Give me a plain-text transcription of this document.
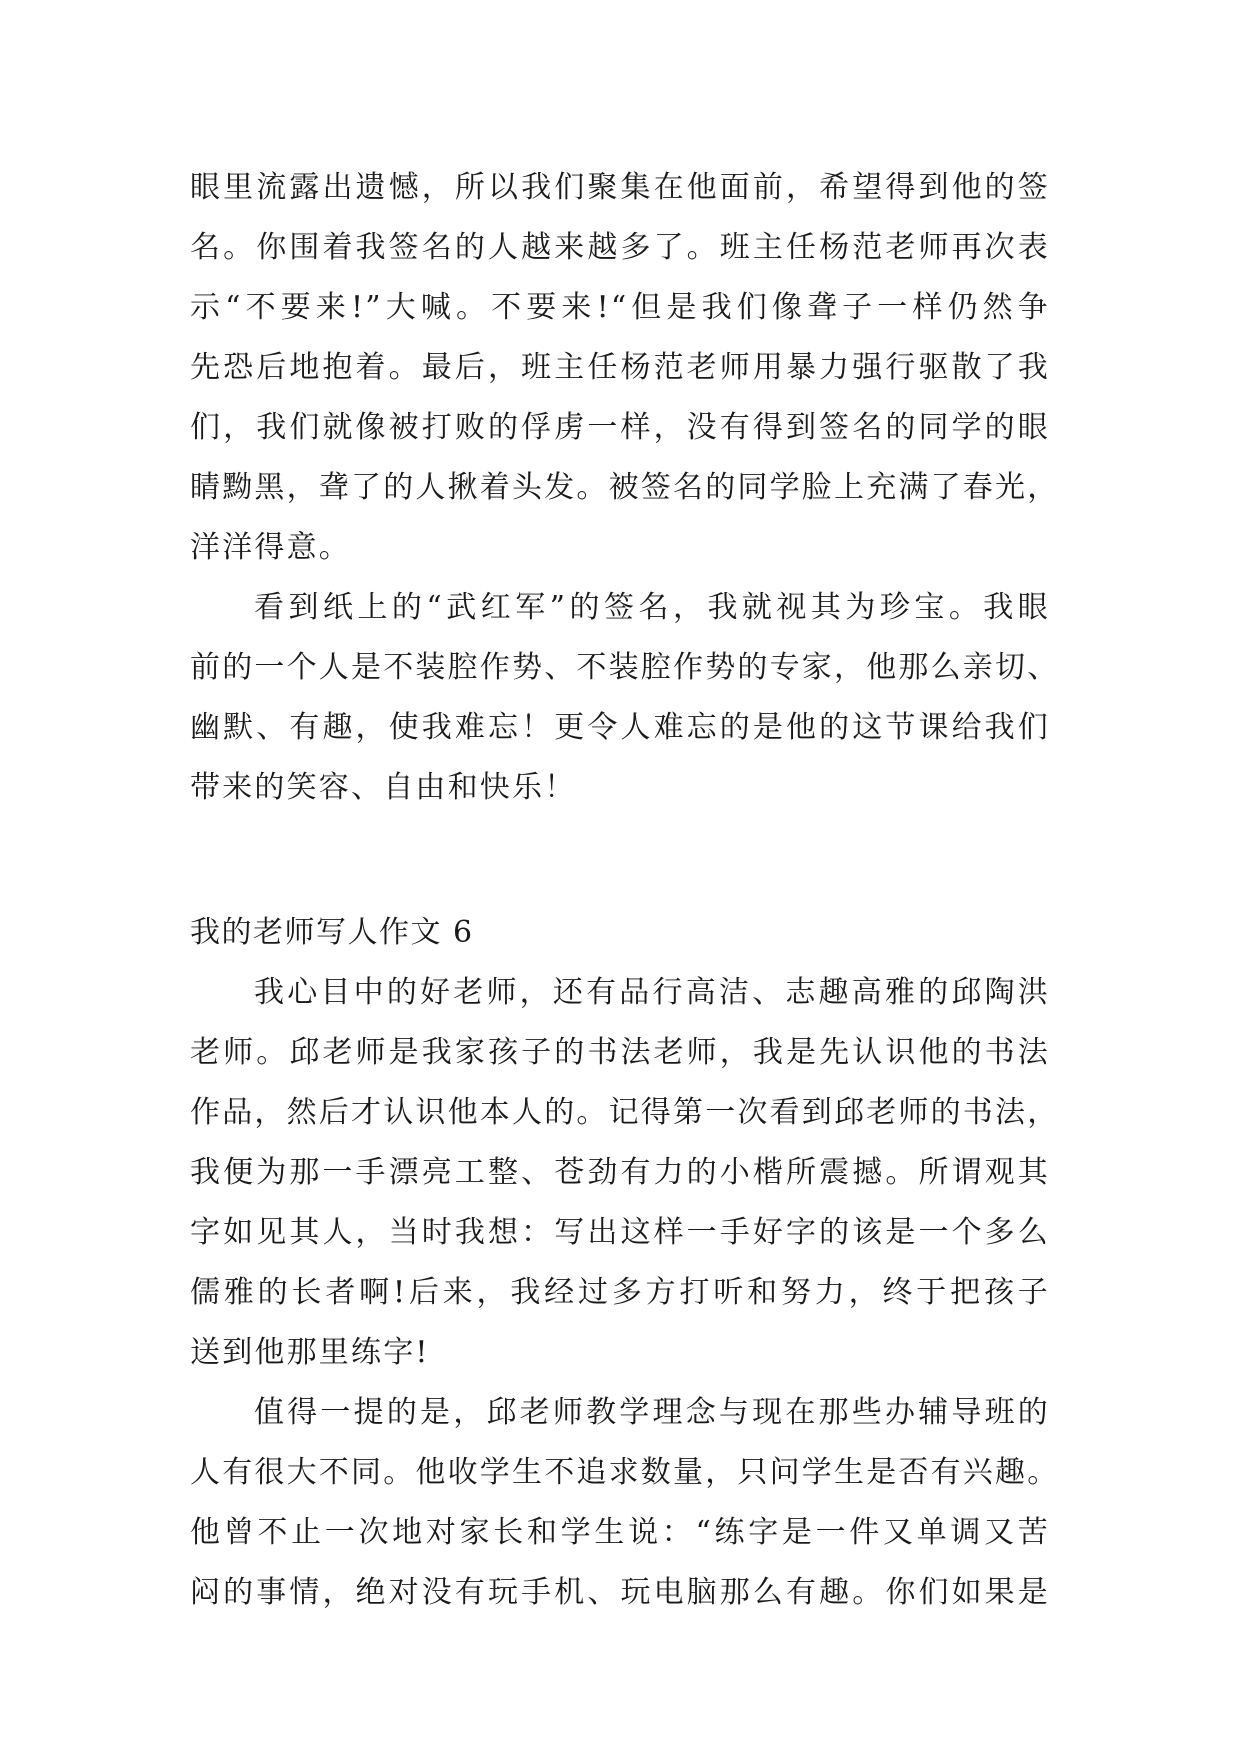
眼里流露出遗憾，所以我们聚集在他面前，希望得到他的签
名。你围着我签名的人越来越多了。班主任杨范老师再次表
示“不要来!”大喊。不要来!“但是我们像聋子一样仍然争
先恐后地抱着。最后，班主任杨范老师用暴力强行驱散了我
们，我们就像被打败的俘虏一样，没有得到签名的同学的眼
睛黝黑，聋了的人揪着头发。被签名的同学脸上充满了春光，
洋洋得意。
看到纸上的“武红军”的签名，我就视其为珍宝。我眼
前的一个人是不装腔作势、不装腔作势的专家，他那么亲切、
幽默、有趣，使我难忘！更令人难忘的是他的这节课给我们
带来的笑容、自由和快乐！
我的老师写人作文 6
我心目中的好老师，还有品行高洁、志趣高雅的邱陶洪
老师。邱老师是我家孩子的书法老师，我是先认识他的书法
作品，然后才认识他本人的。记得第一次看到邱老师的书法，
我便为那一手漂亮工整、苍劲有力的小楷所震撼。所谓观其
字如见其人，当时我想：写出这样一手好字的该是一个多么
儒雅的长者啊!后来，我经过多方打听和努力，终于把孩子
送到他那里练字!
值得一提的是，邱老师教学理念与现在那些办辅导班的
人有很大不同。他收学生不追求数量，只问学生是否有兴趣。
他曾不止一次地对家长和学生说：“练字是一件又单调又苦
闷的事情，绝对没有玩手机、玩电脑那么有趣。你们如果是
